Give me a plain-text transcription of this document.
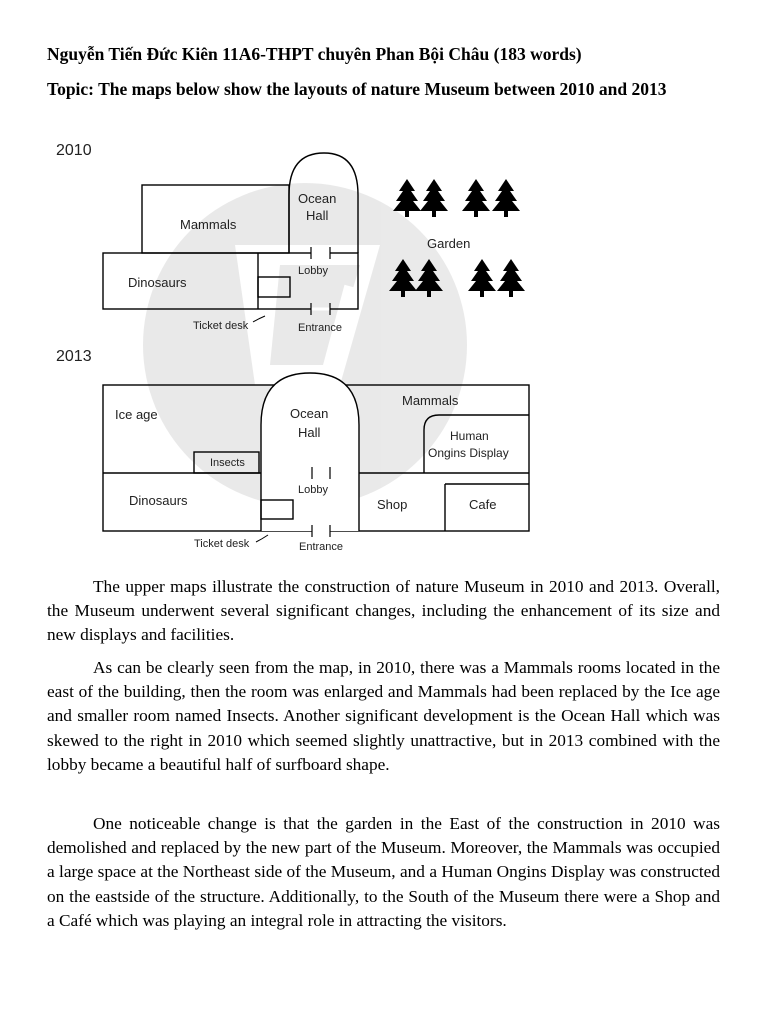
Nguyễn Tiến Đức Kiên 11A6-THPT chuyên Phan Bội Châu (183 words)
Topic: The maps below show the layouts of nature Museum between 2010 and 2013
2010
Mammals
Ocean
Hall
Dinosaurs
Lobby
Ticket desk	Entrance
Garden
2013
Ice age	Ocean
Hall
Mammals
Human
Ongins Display
Insects
Lobby
Dinosaurs	Shop	Cafe
Ticket desk	Entrance

The upper maps illustrate the construction of nature Museum in 2010 and 2013. Overall, the Museum underwent several significant changes, including the enhancement of its size and new displays and facilities.

As can be clearly seen from the map, in 2010, there was a Mammals rooms located in the east of the building, then the room was enlarged and Mammals had been replaced by the Ice age and smaller room named Insects. Another significant development is the Ocean Hall which was skewed to the right in 2010 which seemed slightly unattractive, but in 2013 combined with the lobby became a beautiful half of surfboard shape.

One noticeable change is that the garden in the East of the construction in 2010 was demolished and replaced by the new part of the Museum. Moreover, the Mammals was occupied a large space at the Northeast side of the Museum, and a Human Ongins Display was constructed on the eastside of the structure. Additionally, to the South of the Museum there were a Shop and a Café which was playing an integral role in attracting the visitors.
